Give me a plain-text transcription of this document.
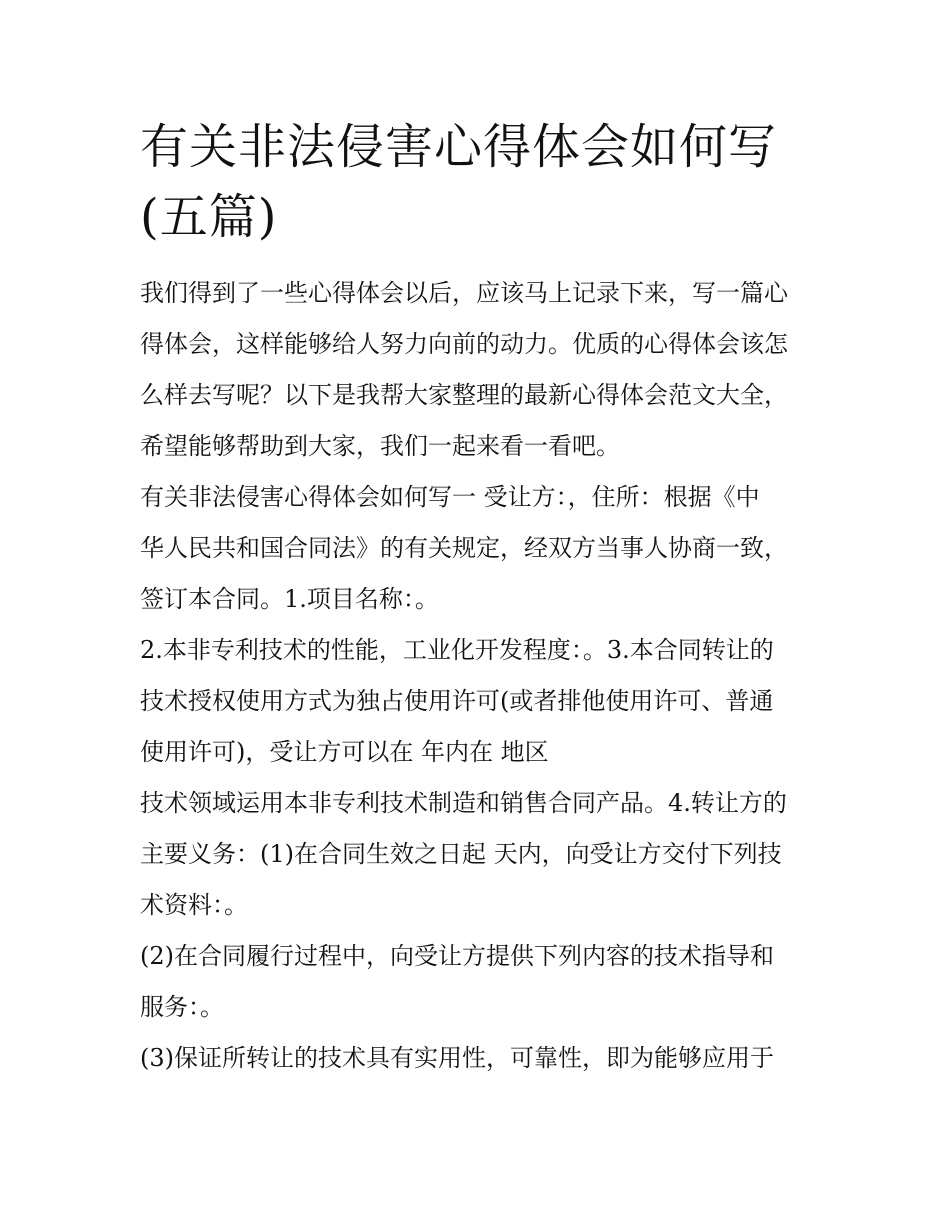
有关非法侵害心得体会如何写
(五篇)

我们得到了一些心得体会以后，应该马上记录下来，写一篇心
得体会，这样能够给人努力向前的动力。优质的心得体会该怎
么样去写呢？以下是我帮大家整理的最新心得体会范文大全，
希望能够帮助到大家，我们一起来看一看吧。

有关非法侵害心得体会如何写一 受让方：，住所：根据《中
华人民共和国合同法》的有关规定，经双方当事人协商一致，
签订本合同。1.项目名称：。

2.本非专利技术的性能，工业化开发程度：。3.本合同转让的
技术授权使用方式为独占使用许可(或者排他使用许可、普通
使用许可)，受让方可以在 年内在 地区

技术领域运用本非专利技术制造和销售合同产品。4.转让方的
主要义务：(1)在合同生效之日起 天内，向受让方交付下列技
术资料：。

(2)在合同履行过程中，向受让方提供下列内容的技术指导和
服务：。

(3)保证所转让的技术具有实用性，可靠性，即为能够应用于
